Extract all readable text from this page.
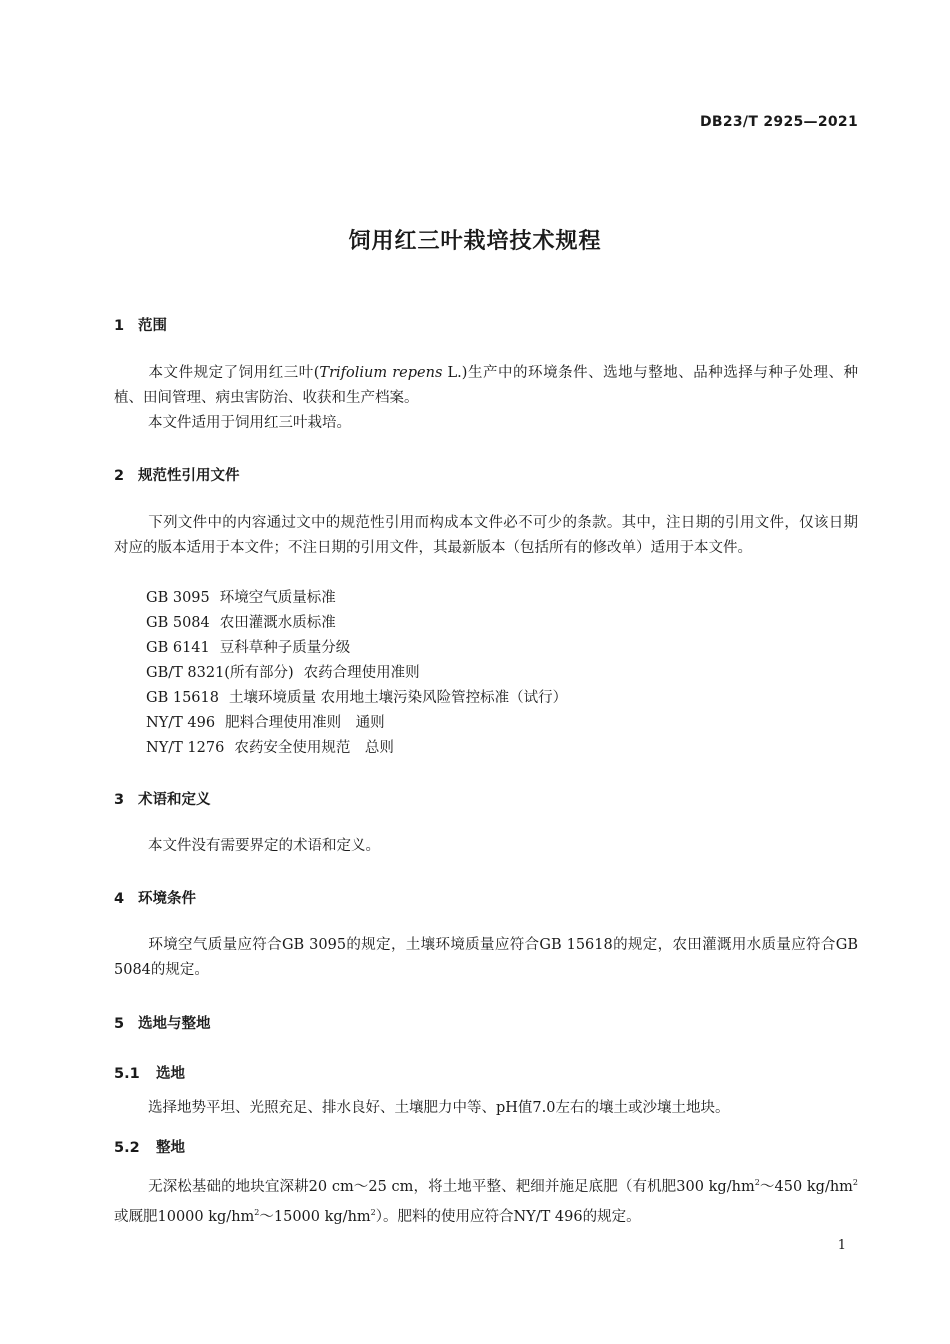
DB23/T 2925—2021
饲用红三叶栽培技术规程
1 范围
本文件规定了饲用红三叶(Trifolium repens L.)生产中的环境条件、选地与整地、品种选择与种子处理、种植、田间管理、病虫害防治、收获和生产档案。
本文件适用于饲用红三叶栽培。
2 规范性引用文件
下列文件中的内容通过文中的规范性引用而构成本文件必不可少的条款。其中，注日期的引用文件，仅该日期对应的版本适用于本文件；不注日期的引用文件，其最新版本（包括所有的修改单）适用于本文件。
GB 3095 环境空气质量标准
GB 5084 农田灌溉水质标准
GB 6141 豆科草种子质量分级
GB/T 8321(所有部分) 农药合理使用准则
GB 15618 土壤环境质量 农用地土壤污染风险管控标准（试行）
NY/T 496 肥料合理使用准则　通则
NY/T 1276 农药安全使用规范　总则
3 术语和定义
本文件没有需要界定的术语和定义。
4 环境条件
环境空气质量应符合GB 3095的规定，土壤环境质量应符合GB 15618的规定，农田灌溉用水质量应符合GB 5084的规定。
5 选地与整地
5.1 选地
选择地势平坦、光照充足、排水良好、土壤肥力中等、pH值7.0左右的壤土或沙壤土地块。
5.2 整地
无深松基础的地块宜深耕20 cm～25 cm，将土地平整、耙细并施足底肥（有机肥300 $kg/hm^2\sim 450$ $kg/hm^2$或厩肥10000 $kg/hm^2\sim 15000$ $kg/hm^2$）。肥料的使用应符合NY/T 496的规定。
1
